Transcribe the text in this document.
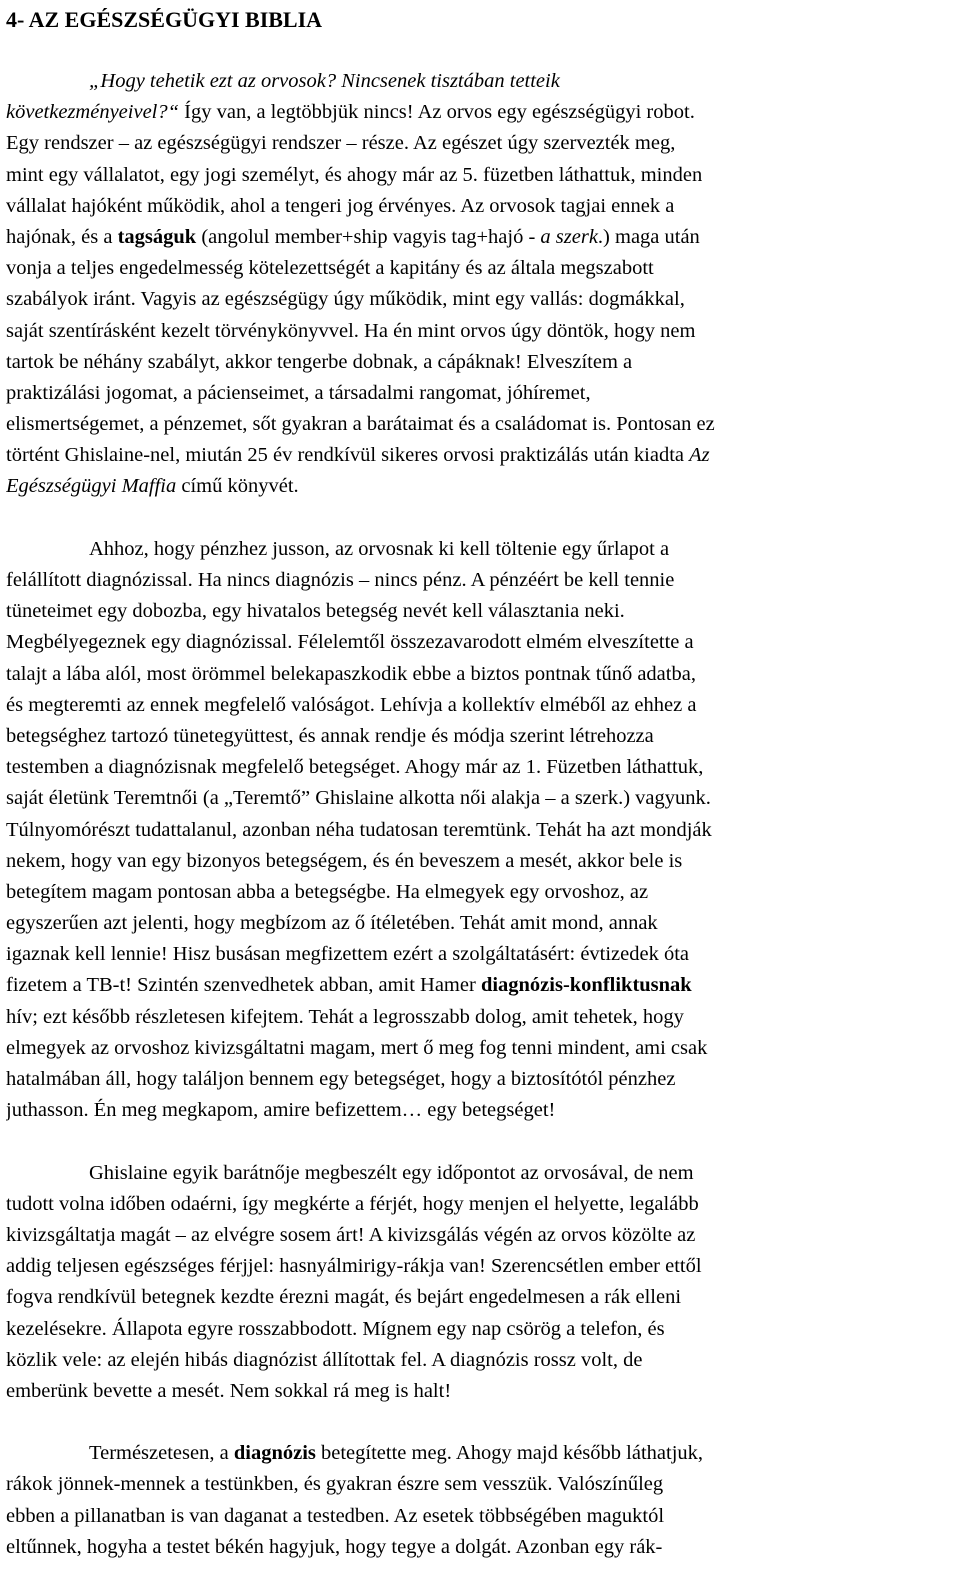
4- AZ EGÉSZSÉGÜGYI BIBLIA
„Hogy tehetik ezt az orvosok? Nincsenek tisztában tetteik
következményeivel?“ Így van, a legtöbbjük nincs! Az orvos egy egészségügyi robot.
Egy rendszer – az egészségügyi rendszer – része. Az egészet úgy szervezték meg,
mint egy vállalatot, egy jogi személyt, és ahogy már az 5. füzetben láthattuk, minden
vállalat hajóként működik, ahol a tengeri jog érvényes. Az orvosok tagjai ennek a
hajónak, és a tagságuk (angolul member+ship vagyis tag+hajó - a szerk.) maga után
vonja a teljes engedelmesség kötelezettségét a kapitány és az általa megszabott
szabályok iránt. Vagyis az egészségügy úgy működik, mint egy vallás: dogmákkal,
saját szentírásként kezelt törvénykönyvvel. Ha én mint orvos úgy döntök, hogy nem
tartok be néhány szabályt, akkor tengerbe dobnak, a cápáknak! Elveszítem a
praktizálási jogomat, a pácienseimet, a társadalmi rangomat, jóhíremet,
elismertségemet, a pénzemet, sőt gyakran a barátaimat és a családomat is. Pontosan ez
történt Ghislaine-nel, miután 25 év rendkívül sikeres orvosi praktizálás után kiadta Az
Egészségügyi Maffia című könyvét.
Ahhoz, hogy pénzhez jusson, az orvosnak ki kell töltenie egy űrlapot a
felállított diagnózissal. Ha nincs diagnózis – nincs pénz. A pénzéért be kell tennie
tüneteimet egy dobozba, egy hivatalos betegség nevét kell választania neki.
Megbélyegeznek egy diagnózissal. Félelemtől összezavarodott elmém elveszítette a
talajt a lába alól, most örömmel belekapaszkodik ebbe a biztos pontnak tűnő adatba,
és megteremti az ennek megfelelő valóságot. Lehívja a kollektív elméből az ehhez a
betegséghez tartozó tünetegyüttest, és annak rendje és módja szerint létrehozza
testemben a diagnózisnak megfelelő betegséget. Ahogy már az 1. Füzetben láthattuk,
saját életünk Teremtnői (a „Teremtő” Ghislaine alkotta női alakja – a szerk.) vagyunk.
Túlnyomórészt tudattalanul, azonban néha tudatosan teremtünk. Tehát ha azt mondják
nekem, hogy van egy bizonyos betegségem, és én beveszem a mesét, akkor bele is
betegítem magam pontosan abba a betegségbe. Ha elmegyek egy orvoshoz, az
egyszerűen azt jelenti, hogy megbízom az ő ítéletében. Tehát amit mond, annak
igaznak kell lennie! Hisz busásan megfizettem ezért a szolgáltatásért: évtizedek óta
fizetem a TB-t! Szintén szenvedhetek abban, amit Hamer diagnózis-konfliktusnak
hív; ezt később részletesen kifejtem. Tehát a legrosszabb dolog, amit tehetek, hogy
elmegyek az orvoshoz kivizsgáltatni magam, mert ő meg fog tenni mindent, ami csak
hatalmában áll, hogy találjon bennem egy betegséget, hogy a biztosítótól pénzhez
juthasson. Én meg megkapom, amire befizettem… egy betegséget!
Ghislaine egyik barátnője megbeszélt egy időpontot az orvosával, de nem
tudott volna időben odaérni, így megkérte a férjét, hogy menjen el helyette, legalább
kivizsgáltatja magát – az elvégre sosem árt! A kivizsgálás végén az orvos közölte az
addig teljesen egészséges férjjel: hasnyálmirigy-rákja van! Szerencsétlen ember ettől
fogva rendkívül betegnek kezdte érezni magát, és bejárt engedelmesen a rák elleni
kezelésekre. Állapota egyre rosszabbodott. Mígnem egy nap csörög a telefon, és
közlik vele: az elején hibás diagnózist állítottak fel. A diagnózis rossz volt, de
emberünk bevette a mesét. Nem sokkal rá meg is halt!
Természetesen, a diagnózis betegítette meg. Ahogy majd később láthatjuk,
rákok jönnek-mennek a testünkben, és gyakran észre sem vesszük. Valószínűleg
ebben a pillanatban is van daganat a testedben. Az esetek többségében maguktól
eltűnnek, hogyha a testet békén hagyjuk, hogy tegye a dolgát. Azonban egy rák-
